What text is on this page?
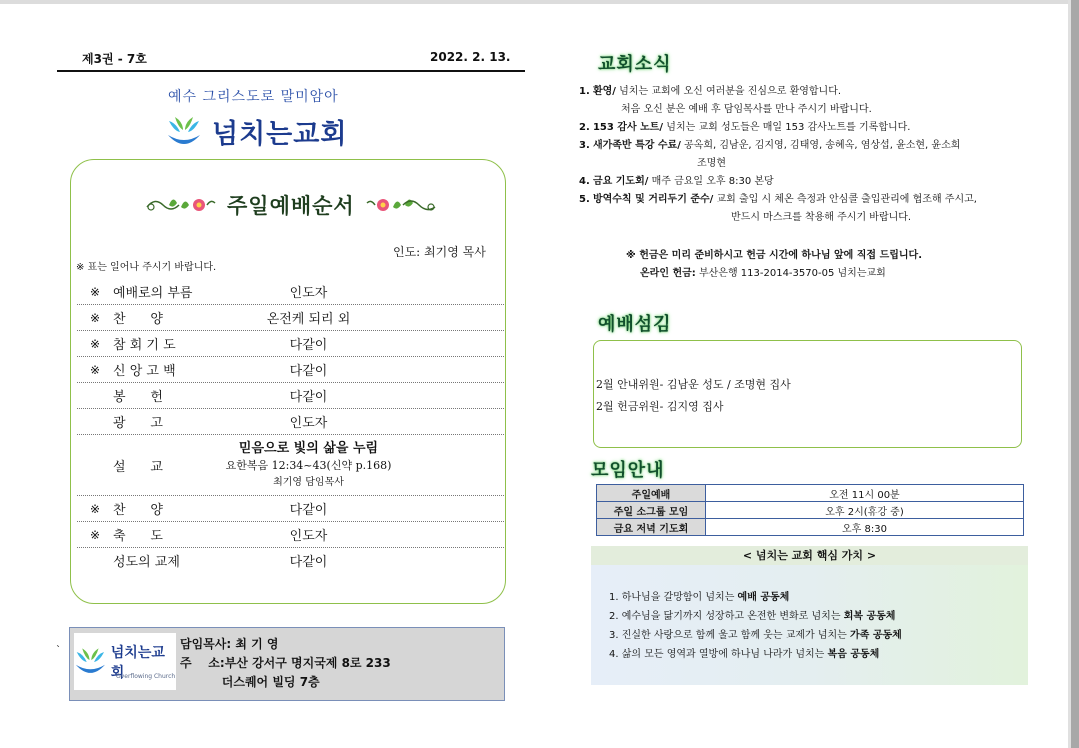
제3권 - 7호	2022. 2. 13.
예수 그리스도로 말미암아
넘치는교회
주일예배순서
인도: 최기영 목사
※ 표는 일어나 주시기 바랍니다.
※ 예배로의 부름	인도자
※ 찬      양	온전케 되리 외
※ 참 회 기 도	다같이
※ 신 앙 고 백	다같이
봉      헌	다같이
광      고	인도자
설      교
믿음으로 빛의 삶을 누림
요한복음 12:34~43(신약 p.168)
최기영 담임목사
※ 찬      양	다같이
※ 축      도	인도자
성도의 교제	다같이
`	넘치는교회
Overflowing Church
담임목사: 최 기 영
주    소:부산 강서구 명지국제 8로 233
더스퀘어 빌딩 7층
교회소식
1. 환영/ 넘치는 교회에 오신 여러분을 진심으로 환영합니다.
처음 오신 분은 예배 후 담임목사를 만나 주시기 바랍니다.
2. 153 감사 노트/ 넘치는 교회 성도들은 매일 153 감사노트를 기록합니다.
3. 새가족반 특강 수료/ 공옥희, 김남운, 김지영, 김태영, 송혜옥, 염상섭, 윤소현, 윤소희
조명현
4. 금요 기도회/ 매주 금요일 오후 8:30 본당
5. 방역수칙 및 거리두기 준수/ 교회 출입 시 체온 측정과 안심콜 출입관리에 협조해 주시고,
반드시 마스크를 착용해 주시기 바랍니다.
※ 헌금은 미리 준비하시고 헌금 시간에 하나님 앞에 직접 드립니다.
온라인 헌금: 부산은행 113-2014-3570-05 넘치는교회
예배섬김
2월 안내위원- 김남운 성도 / 조명현 집사
2월 헌금위원- 김지영 집사
모임안내
주일예배	오전 11시 00분
주일 소그룹 모임	오후 2시(휴강 중)
금요 저녁 기도회	오후 8:30
< 넘치는 교회 핵심 가치 >
1. 하나님을 갈망함이 넘치는 예배 공동체
2. 예수님을 닮기까지 성장하고 온전한 변화로 넘치는 회복 공동체
3. 진실한 사랑으로 함께 울고 함께 웃는 교제가 넘치는 가족 공동체
4. 삶의 모든 영역과 열방에 하나님 나라가 넘치는 복음 공동체
